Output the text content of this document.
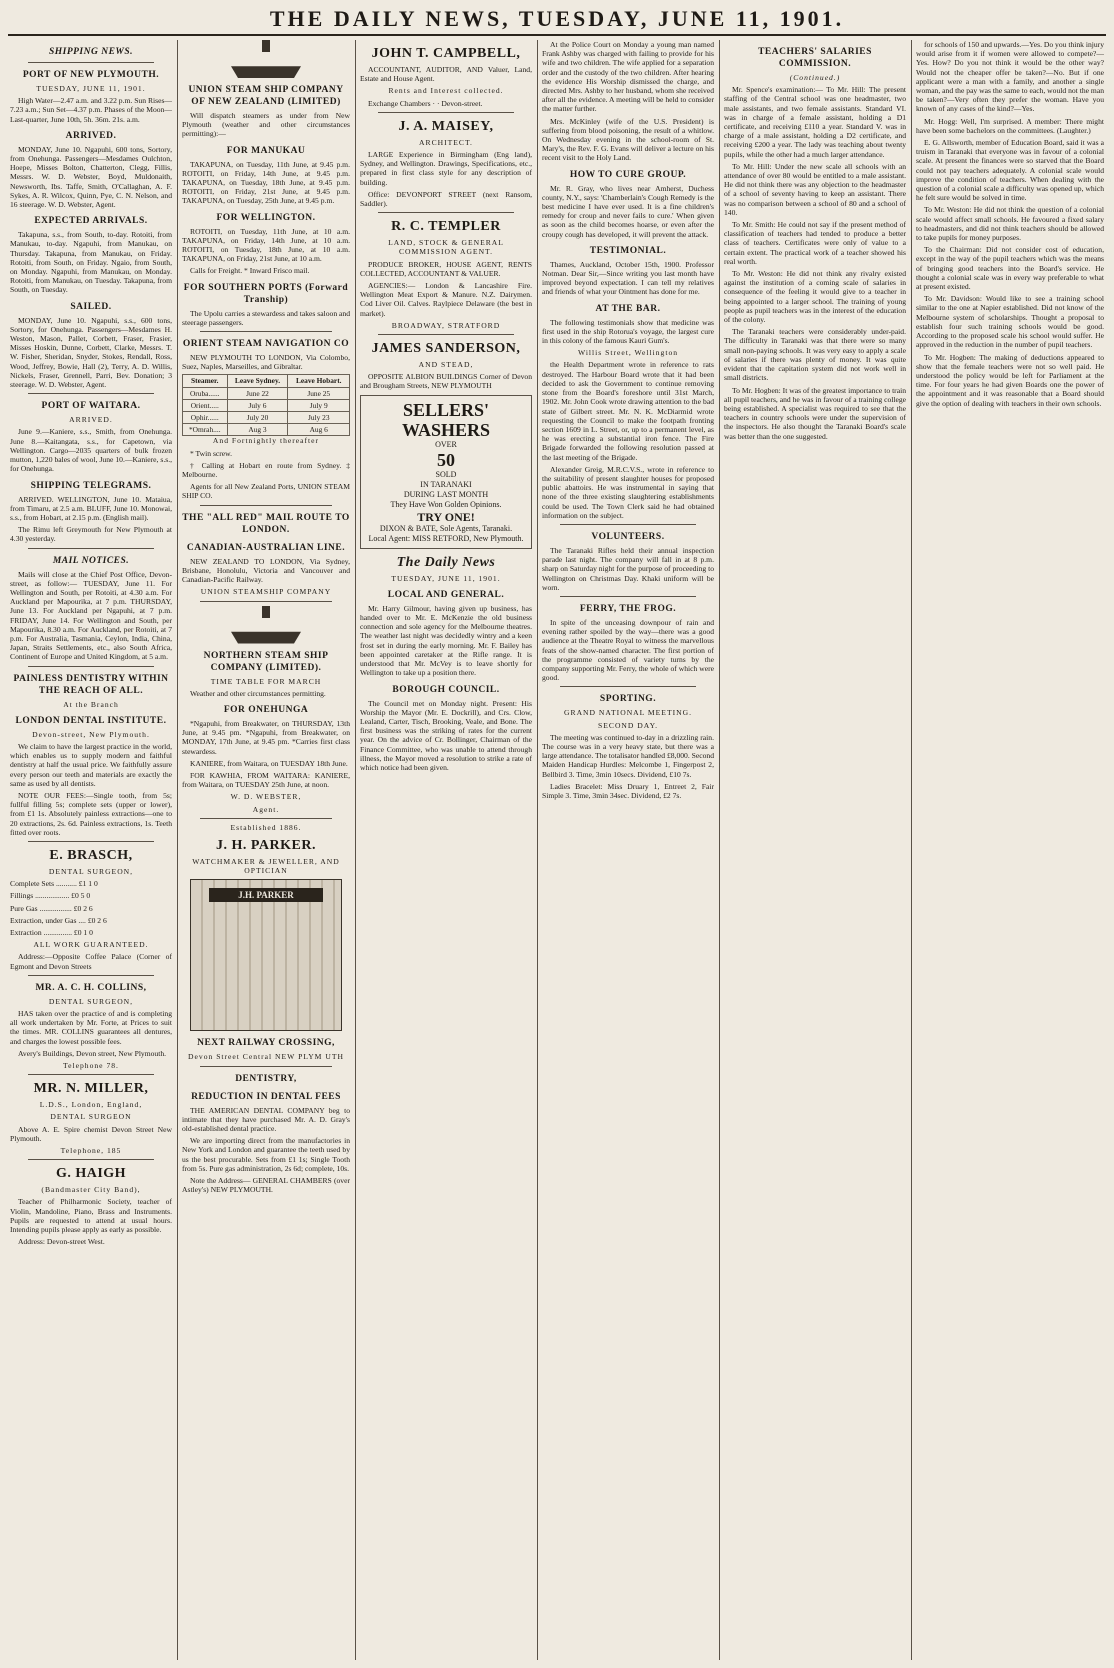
THE DAILY NEWS, TUESDAY, JUNE 11, 1901.
SHIPPING NEWS.
PORT OF NEW PLYMOUTH.
TUESDAY, JUNE 11, 1901.

High Water—2.47 a.m. and 3.22 p.m. Sun Rises—7.23 a.m.; Sun Set—4.37 p.m. Phases of the Moon—Last-quarter, June 10th, 5h. 36m. 21s. a.m.

ARRIVED.

MONDAY, June 10. Ngapuhi, 600 tons, Sortory, from Onehunga. Passengers—Mesdames Oulchton, Hoepe, Misses Bolton, Chatterton, Clegg, Fillis, Messrs. W. D. Webster, Boyd, Muldonaith, Newsworth, Ibs. Taffe, Smith, O'Callaghan, A. F. Sykes, A. R. Wilcox, Quinn, Pye, C. N. Nelson, and 16 steerage. W. D. Webster, Agent.

EXPECTED ARRIVALS.

Takapuna, s.s., from South, to-day. Rotoiti, from Manukau, to-day. Ngapuhi, from Manukau, on Thursday. Takapuna, from Manukau, on Friday. Rotoiti, from South, on Friday. Ngaio, from South, on Monday. Ngapuhi, from Manukau, on Monday. Rotoiti, from Manukau, on Tuesday. Takapuna, from South, on Tuesday.

SAILED.

MONDAY, June 10. Ngapuhi, s.s., 600 tons, Sortory, for Onehunga. Passengers—Mesdames H. Weston, Mason, Pallet, Corbett, Fraser, Frasier, Misses Hoskin, Dunne, Corbett, Clarke, Messrs. T. W. Fisher, Sheridan, Snyder, Stokes, Rendall, Ross, Wood, Jeffrey, Bowie, Hall (2), Terry, A. D. Willis, Nickels, Fraser, Grennell, Parri, Bev. Donation; 3 steerage. W. D. Webster, Agent.

PORT OF WAITARA.
ARRIVED.

June 9.—Kaniere, s.s., Smith, from Onehunga. June 8.—Kaitangata, s.s., for Capetown, via Wellington. Cargo—2035 quarters of bulk frozen mutton, 1,220 bales of wool, June 10.—Kaniere, s.s., for Onehunga.

SHIPPING TELEGRAMS.

ARRIVED. WELLINGTON, June 10. Mataiua, from Timaru, at 2.5 a.m. BLUFF, June 10. Monowai, s.s., from Hobart, at 2.15 p.m. (English mail).

The Rimu left Greymouth for New Plymouth at 4.30 yesterday.

MAIL NOTICES.

Mails will close at the Chief Post Office, Devon-street, as follow:— TUESDAY, June 11. For Wellington and South, per Rotoiti, at 4.30 a.m. For Auckland per Mapourika, at 7 p.m. THURSDAY, June 13. For Auckland per Ngapuhi, at 7 p.m. FRIDAY, June 14. For Wellington and South, per Mapourika, 8.30 a.m. For Auckland, per Rotoiti, at 7 p.m. For Australia, Tasmania, Ceylon, India, China, Japan, Straits Settlements, etc., also South Africa, Continent of Europe and United Kingdom, at 5 a.m.

PAINLESS DENTISTRY WITHIN THE REACH OF ALL.
At the Branch
LONDON DENTAL INSTITUTE.
Devon-street, New Plymouth.

We claim to have the largest practice in the world, which enables us to supply modern and faithful dentistry at half the usual price. We faithfully assure every person our teeth and materials are exactly the same as used by all dentists.

NOTE OUR FEES:—Single tooth, from 5s; fullful filling 5s; complete sets (upper or lower), from £1 1s. Absolutely painless extractions—one to 20 extractions, 2s. 6d. Painless extractions, 1s. Teeth fitted over roots.

E. BRASCH,
DENTAL SURGEON,

Complete Sets ........... £1 1 0

Fillings .................. £0 5 0

Pure Gas ................. £0 2 6

Extraction, under Gas .... £0 2 6

Extraction ............... £0 1 0

ALL WORK GUARANTEED.

Address:—Opposite Coffee Palace (Corner of Egmont and Devon Streets

MR. A. C. H. COLLINS,
DENTAL SURGEON,

HAS taken over the practice of and is completing all work undertaken by Mr. Forte, at Prices to suit the times. MR. COLLINS guarantees all dentures, and charges the lowest possible fees.

Avery's Buildings, Devon street, New Plymouth.

Telephone 78.
MR. N. MILLER,
L.D.S., London, England,
DENTAL SURGEON

Above A. E. Spire chemist Devon Street New Plymouth.

Telephone, 185
G. HAIGH
(Bandmaster City Band),

Teacher of Philharmonic Society, teacher of Violin, Mandoline, Piano, Brass and Instruments. Pupils are requested to attend at usual hours. Intending pupils please apply as early as possible.

Address: Devon-street West.

UNION STEAM SHIP COMPANY OF NEW ZEALAND (LIMITED)

Will dispatch steamers as under from New Plymouth (weather and other circumstances permitting):—

FOR MANUKAU

TAKAPUNA, on Tuesday, 11th June, at 9.45 p.m. ROTOITI, on Friday, 14th June, at 9.45 p.m. TAKAPUNA, on Tuesday, 18th June, at 9.45 p.m. ROTOITI, on Friday, 21st June, at 9.45 p.m. TAKAPUNA, on Tuesday, 25th June, at 9.45 p.m.

FOR WELLINGTON.

ROTOITI, on Tuesday, 11th June, at 10 a.m. TAKAPUNA, on Friday, 14th June, at 10 a.m. ROTOITI, on Tuesday, 18th June, at 10 a.m. TAKAPUNA, on Friday, 21st June, at 10 a.m.

Calls for Freight. * Inward Frisco mail.

FOR SOUTHERN PORTS (Forward Tranship)

The Upolu carries a stewardess and takes saloon and steerage passengers.

ORIENT STEAM NAVIGATION CO

NEW PLYMOUTH TO LONDON, Via Colombo, Suez, Naples, Marseilles, and Gibraltar.

Steamer.	Leave Sydney.	Leave Hobart.
Oruba......	June 22	June 25
Orient.....	July 6	July 9
Ophir......	July 20	July 23
*Omrah....	Aug 3	Aug 6
And Fortnightly thereafter

* Twin screw.

† Calling at Hobart en route from Sydney. ‡ Melbourne.

Agents for all New Zealand Ports, UNION STEAM SHIP CO.

THE "ALL RED" MAIL ROUTE TO LONDON.
CANADIAN-AUSTRALIAN LINE.

NEW ZEALAND TO LONDON, Via Sydney, Brisbane, Honolulu, Victoria and Vancouver and Canadian-Pacific Railway.

UNION STEAMSHIP COMPANY
NORTHERN STEAM SHIP COMPANY (LIMITED).
TIME TABLE FOR MARCH

Weather and other circumstances permitting.

FOR ONEHUNGA

*Ngapuhi, from Breakwater, on THURSDAY, 13th June, at 9.45 pm. *Ngapuhi, from Breakwater, on MONDAY, 17th June, at 9.45 pm. *Carries first class stewardess.

KANIERE, from Waitara, on TUESDAY 18th June.

FOR KAWHIA, FROM WAITARA: KANIERE, from Waitara, on TUESDAY 25th June, at noon.

W. D. WEBSTER,
Agent.
Established 1886.
J. H. PARKER.
WATCHMAKER & JEWELLER, AND OPTICIAN
J.H. PARKER
NEXT RAILWAY CROSSING,
Devon Street Central NEW PLYM UTH
DENTISTRY,
REDUCTION IN DENTAL FEES

THE AMERICAN DENTAL COMPANY beg to intimate that they have purchased Mr. A. D. Gray's old-established dental practice.

We are importing direct from the manufactories in New York and London and guarantee the teeth used by us the best procurable. Sets from £1 1s; Single Tooth from 5s. Pure gas administration, 2s 6d; complete, 10s.

Note the Address— GENERAL CHAMBERS (over Astley's) NEW PLYMOUTH.

JOHN T. CAMPBELL,

ACCOUNTANT, AUDITOR, AND Valuer, Land, Estate and House Agent.

Rents and Interest collected.

Exchange Chambers · · Devon-street.

J. A. MAISEY,
ARCHITECT.

LARGE Experience in Birmingham (Eng land), Sydney, and Wellington. Drawings, Specifications, etc., prepared in first class style for any description of building.

Office: DEVONPORT STREET (next Ransom, Saddler).

R. C. TEMPLER
LAND, STOCK & GENERAL COMMISSION AGENT.

PRODUCE BROKER, HOUSE AGENT, RENTS COLLECTED, ACCOUNTANT & VALUER.

AGENCIES:— London & Lancashire Fire. Wellington Meat Export & Manure. N.Z. Dairymen. Cod Liver Oil. Calves. Raylpiece Delaware (the best in market).

BROADWAY, STRATFORD
JAMES SANDERSON,
AND STEAD,

OPPOSITE ALBION BUILDINGS Corner of Devon and Brougham Streets, NEW PLYMOUTH

SELLERS'
WASHERS
OVER
50
SOLD
IN TARANAKI
DURING LAST MONTH
They Have Won Golden Opinions.
TRY ONE!
DIXON & BATE, Sole Agents, Taranaki.
Local Agent: MISS RETFORD, New Plymouth.
The Daily News
TUESDAY, JUNE 11, 1901.
LOCAL AND GENERAL.

Mr. Harry Gilmour, having given up business, has handed over to Mr. E. McKenzie the old business connection and sole agency for the Melbourne theatres. The weather last night was decidedly wintry and a keen frost set in during the early morning. Mr. F. Bailey has been appointed caretaker at the Rifle range. It is understood that Mr. McVey is to leave shortly for Wellington to take up a position there.

BOROUGH COUNCIL.

The Council met on Monday night. Present: His Worship the Mayor (Mr. E. Dockrill), and Crs. Clow, Lealand, Carter, Tisch, Brooking, Veale, and Bone. The first business was the striking of rates for the current year. On the advice of Cr. Bollinger, Chairman of the Finance Committee, who was unable to attend through illness, the Mayor moved a resolution to strike a rate of which notice had been given.

At the Police Court on Monday a young man named Frank Ashby was charged with failing to provide for his wife and two children. The wife applied for a separation order and the custody of the two children. After hearing the evidence His Worship dismissed the charge, and directed Mrs. Ashby to her husband, whom she received after all the evidence. A meeting will be held to consider the matter further.

Mrs. McKinley (wife of the U.S. President) is suffering from blood poisoning, the result of a whitlow. On Wednesday evening in the school-room of St. Mary's, the Rev. F. G. Evans will deliver a lecture on his recent visit to the Holy Land.

HOW TO CURE GROUP.

Mr. R. Gray, who lives near Amherst, Duchess county, N.Y., says: 'Chamberlain's Cough Remedy is the best medicine I have ever used. It is a fine children's remedy for croup and never fails to cure.' When given as soon as the child becomes hoarse, or even after the croupy cough has developed, it will prevent the attack.

TESTIMONIAL.

Thames, Auckland, October 15th, 1900. Professor Notman. Dear Sir,—Since writing you last month have improved beyond expectation. I can tell my relatives and friends of what your Ointment has done for me.

AT THE BAR.

The following testimonials show that medicine was first used in the ship Rotorua's voyage, the largest cure in this colony of the famous Kauri Gum's.

Willis Street, Wellington

the Health Department wrote in reference to rats destroyed. The Harbour Board wrote that it had been decided to ask the Government to continue removing stone from the Board's foreshore until 31st March, 1902. Mr. John Cook wrote drawing attention to the bad state of Gilbert street. Mr. N. K. McDiarmid wrote requesting the Council to make the footpath fronting section 1609 in L. Street, or, up to a permanent level, as he was erecting a substantial iron fence. The Fire Brigade forwarded the following resolution passed at the last meeting of the Brigade.

Alexander Greig, M.R.C.V.S., wrote in reference to the suitability of present slaughter houses for proposed public abattoirs. He was instrumental in saying that none of the three existing slaughtering establishments could be used. The Town Clerk said he had obtained information on the subject.

VOLUNTEERS.

The Taranaki Rifles held their annual inspection parade last night. The company will fall in at 8 p.m. sharp on Saturday night for the purpose of proceeding to Wellington on Christmas Day. Khaki uniform will be worn.

FERRY, THE FROG.

In spite of the unceasing downpour of rain and evening rather spoiled by the way—there was a good audience at the Theatre Royal to witness the marvellous feats of the show-named character. The first portion of the programme consisted of variety turns by the company supporting Mr. Ferry, the whole of which were good.

SPORTING.
GRAND NATIONAL MEETING.
SECOND DAY.

The meeting was continued to-day in a drizzling rain. The course was in a very heavy state, but there was a large attendance. The totalisator handled £8,000. Second Maiden Handicap Hurdles: Melcombe 1, Fingerpost 2, Bellbird 3. Time, 3min 10secs. Dividend, £10 7s.

Ladies Bracelet: Miss Druary 1, Entreet 2, Fair Simple 3. Time, 3min 34sec. Dividend, £2 7s.

TEACHERS' SALARIES COMMISSION.
(Continued.)

Mr. Spence's examination:— To Mr. Hill: The present staffing of the Central school was one headmaster, two male assistants, and two female assistants. Standard VI. was in charge of a female assistant, holding a D1 certificate, and receiving £110 a year. Standard V. was in charge of a male assistant, holding a D2 certificate, and receiving £200 a year. The lady was teaching about twenty pupils, while the other had a much larger attendance.

To Mr. Hill: Under the new scale all schools with an attendance of over 80 would be entitled to a male assistant. He did not think there was any objection to the headmaster of a school of seventy having to keep an assistant. There was no comparison between a school of 80 and a school of 140.

To Mr. Smith: He could not say if the present method of classification of teachers had tended to produce a better class of teachers. Certificates were only of value to a certain extent. The practical work of a teacher showed his real worth.

To Mr. Weston: He did not think any rivalry existed against the institution of a coming scale of salaries in consequence of the feeling it would give to a teacher in being appointed to a larger school. The training of young people as pupil teachers was in the interest of the education of the colony.

The Taranaki teachers were considerably under-paid. The difficulty in Taranaki was that there were so many small non-paying schools. It was very easy to apply a scale of salaries if there was plenty of money. It was quite evident that the capitation system did not work well in small districts.

To Mr. Hogben: It was of the greatest importance to train all pupil teachers, and he was in favour of a training college being established. A specialist was required to see that the teachers in country schools were under the supervision of the inspectors. He also thought the Taranaki Board's scale was better than the one suggested.

for schools of 150 and upwards.—Yes. Do you think injury would arise from it if women were allowed to compete?—Yes. How? Do you not think it would be the other way? Would not the cheaper offer be taken?—No. But if one applicant were a man with a family, and another a single woman, and the pay was the same to each, would not the man be taken?—Very often they prefer the woman. Have you known of any cases of the kind?—Yes.

Mr. Hogg: Well, I'm surprised. A member: There might have been some bachelors on the committees. (Laughter.)

E. G. Allsworth, member of Education Board, said it was a truism in Taranaki that everyone was in favour of a colonial scale. At present the finances were so starved that the Board could not pay teachers adequately. A colonial scale would improve the condition of teachers. When dealing with the question of a colonial scale a difficulty was opened up, which he felt sure would be solved in time.

To Mr. Weston: He did not think the question of a colonial scale would affect small schools. He favoured a fixed salary to headmasters, and did not think teachers should be allowed to take pupils for money purposes.

To the Chairman: Did not consider cost of education, except in the way of the pupil teachers which was the means of bringing good teachers into the Board's service. He thought a colonial scale was in every way preferable to what at present existed.

To Mr. Davidson: Would like to see a training school similar to the one at Napier established. Did not know of the Melbourne system of scholarships. Thought a proposal to establish four such training schools would be good. According to the proposed scale his school would suffer. He approved in the reduction in the number of pupil teachers.

To Mr. Hogben: The making of deductions appeared to show that the female teachers were not so well paid. He understood the policy would be left for Parliament at the time. For four years he had given Boards one the power of the appointment and it was reasonable that a Board should give the option of dealing with teachers in their own schools.
